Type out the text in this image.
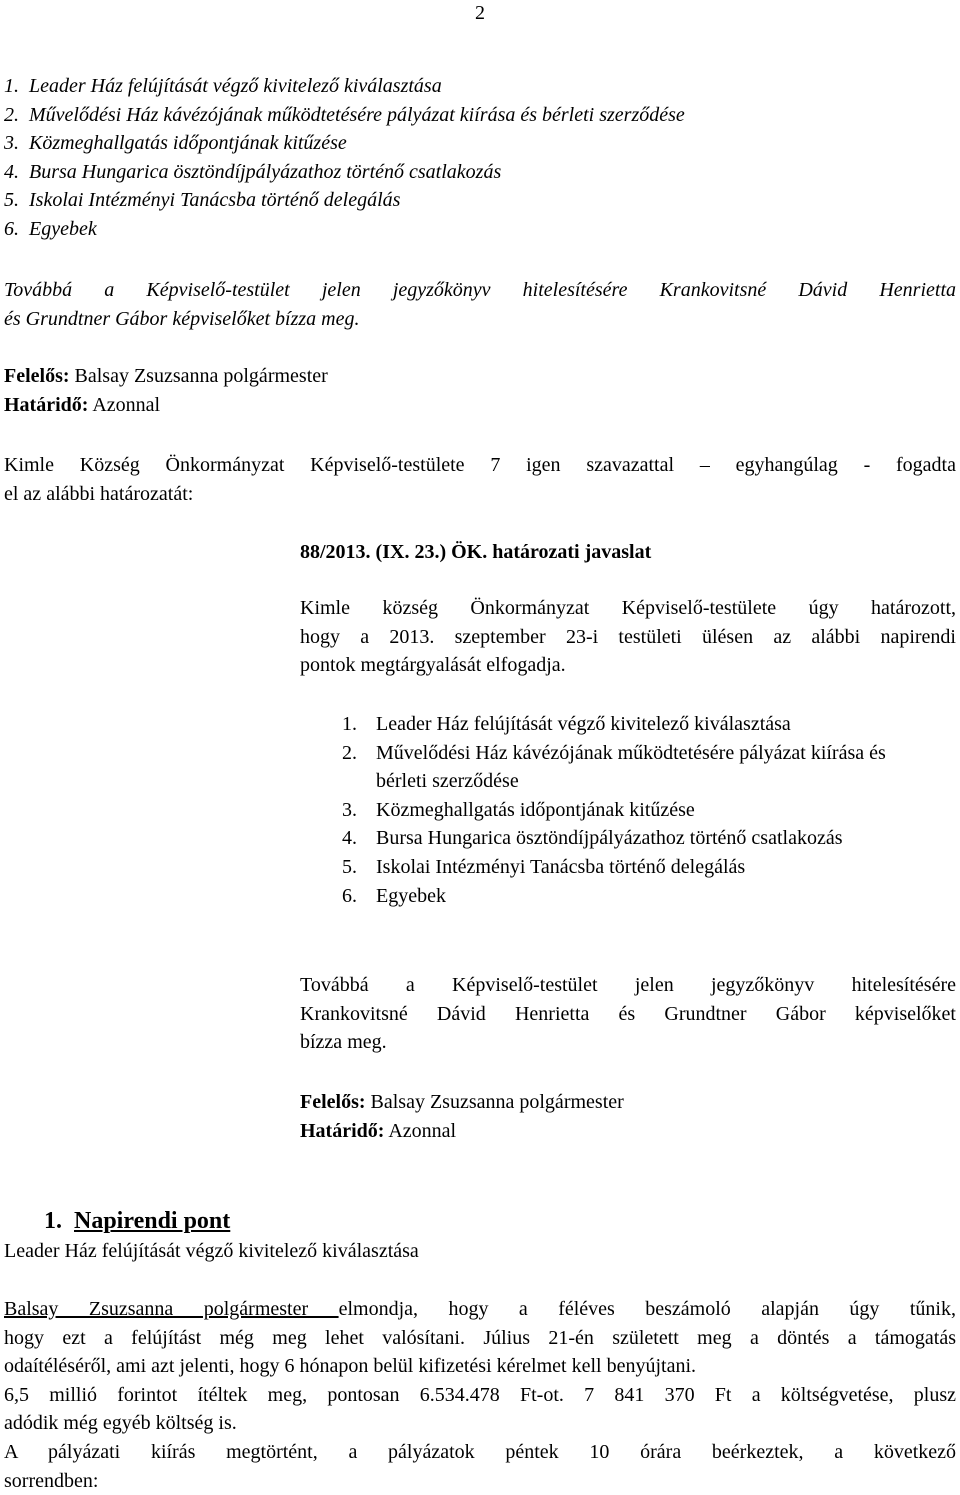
2
1.  Leader Ház felújítását végző kivitelező kiválasztása
2.  Művelődési Ház kávézójának működtetésére pályázat kiírása és bérleti szerződése
3.  Közmeghallgatás időpontjának kitűzése
4.  Bursa Hungarica ösztöndíjpályázathoz történő csatlakozás
5.  Iskolai Intézményi Tanácsba történő delegálás
6.  Egyebek
Továbbá a Képviselő-testület jelen jegyzőkönyv hitelesítésére Krankovitsné Dávid Henrietta
és Grundtner Gábor képviselőket bízza meg.
Felelős: Balsay Zsuzsanna polgármester
Határidő: Azonnal
Kimle Község Önkormányzat Képviselő-testülete 7 igen szavazattal – egyhangúlag - fogadta
el az alábbi határozatát:
88/2013. (IX. 23.) ÖK. határozati javaslat
Kimle község Önkormányzat Képviselő-testülete úgy határozott,
hogy a 2013. szeptember 23-i testületi ülésen az alábbi napirendi
pontok megtárgyalását elfogadja.
1. Leader Ház felújítását végző kivitelező kiválasztása
2. Művelődési Ház kávézójának működtetésére pályázat kiírása és bérleti szerződése
3. Közmeghallgatás időpontjának kitűzése
4. Bursa Hungarica ösztöndíjpályázathoz történő csatlakozás
5. Iskolai Intézményi Tanácsba történő delegálás
6. Egyebek
Továbbá a Képviselő-testület jelen jegyzőkönyv hitelesítésére
Krankovitsné Dávid Henrietta és Grundtner Gábor képviselőket
bízza meg.
Felelős: Balsay Zsuzsanna polgármester
Határidő: Azonnal
1. Napirendi pont
Leader Ház felújítását végző kivitelező kiválasztása
Balsay Zsuzsanna polgármester elmondja, hogy a féléves beszámoló alapján úgy tűnik,
hogy ezt a felújítást még meg lehet valósítani. Július 21-én született meg a döntés a támogatás
odaítéléséről, ami azt jelenti, hogy 6 hónapon belül kifizetési kérelmet kell benyújtani.
6,5 millió forintot ítéltek meg, pontosan 6.534.478 Ft-ot. 7 841 370 Ft a költségvetése, plusz
adódik még egyéb költség is.
A pályázati kiírás megtörtént, a pályázatok péntek 10 órára beérkeztek, a következő
sorrendben:
